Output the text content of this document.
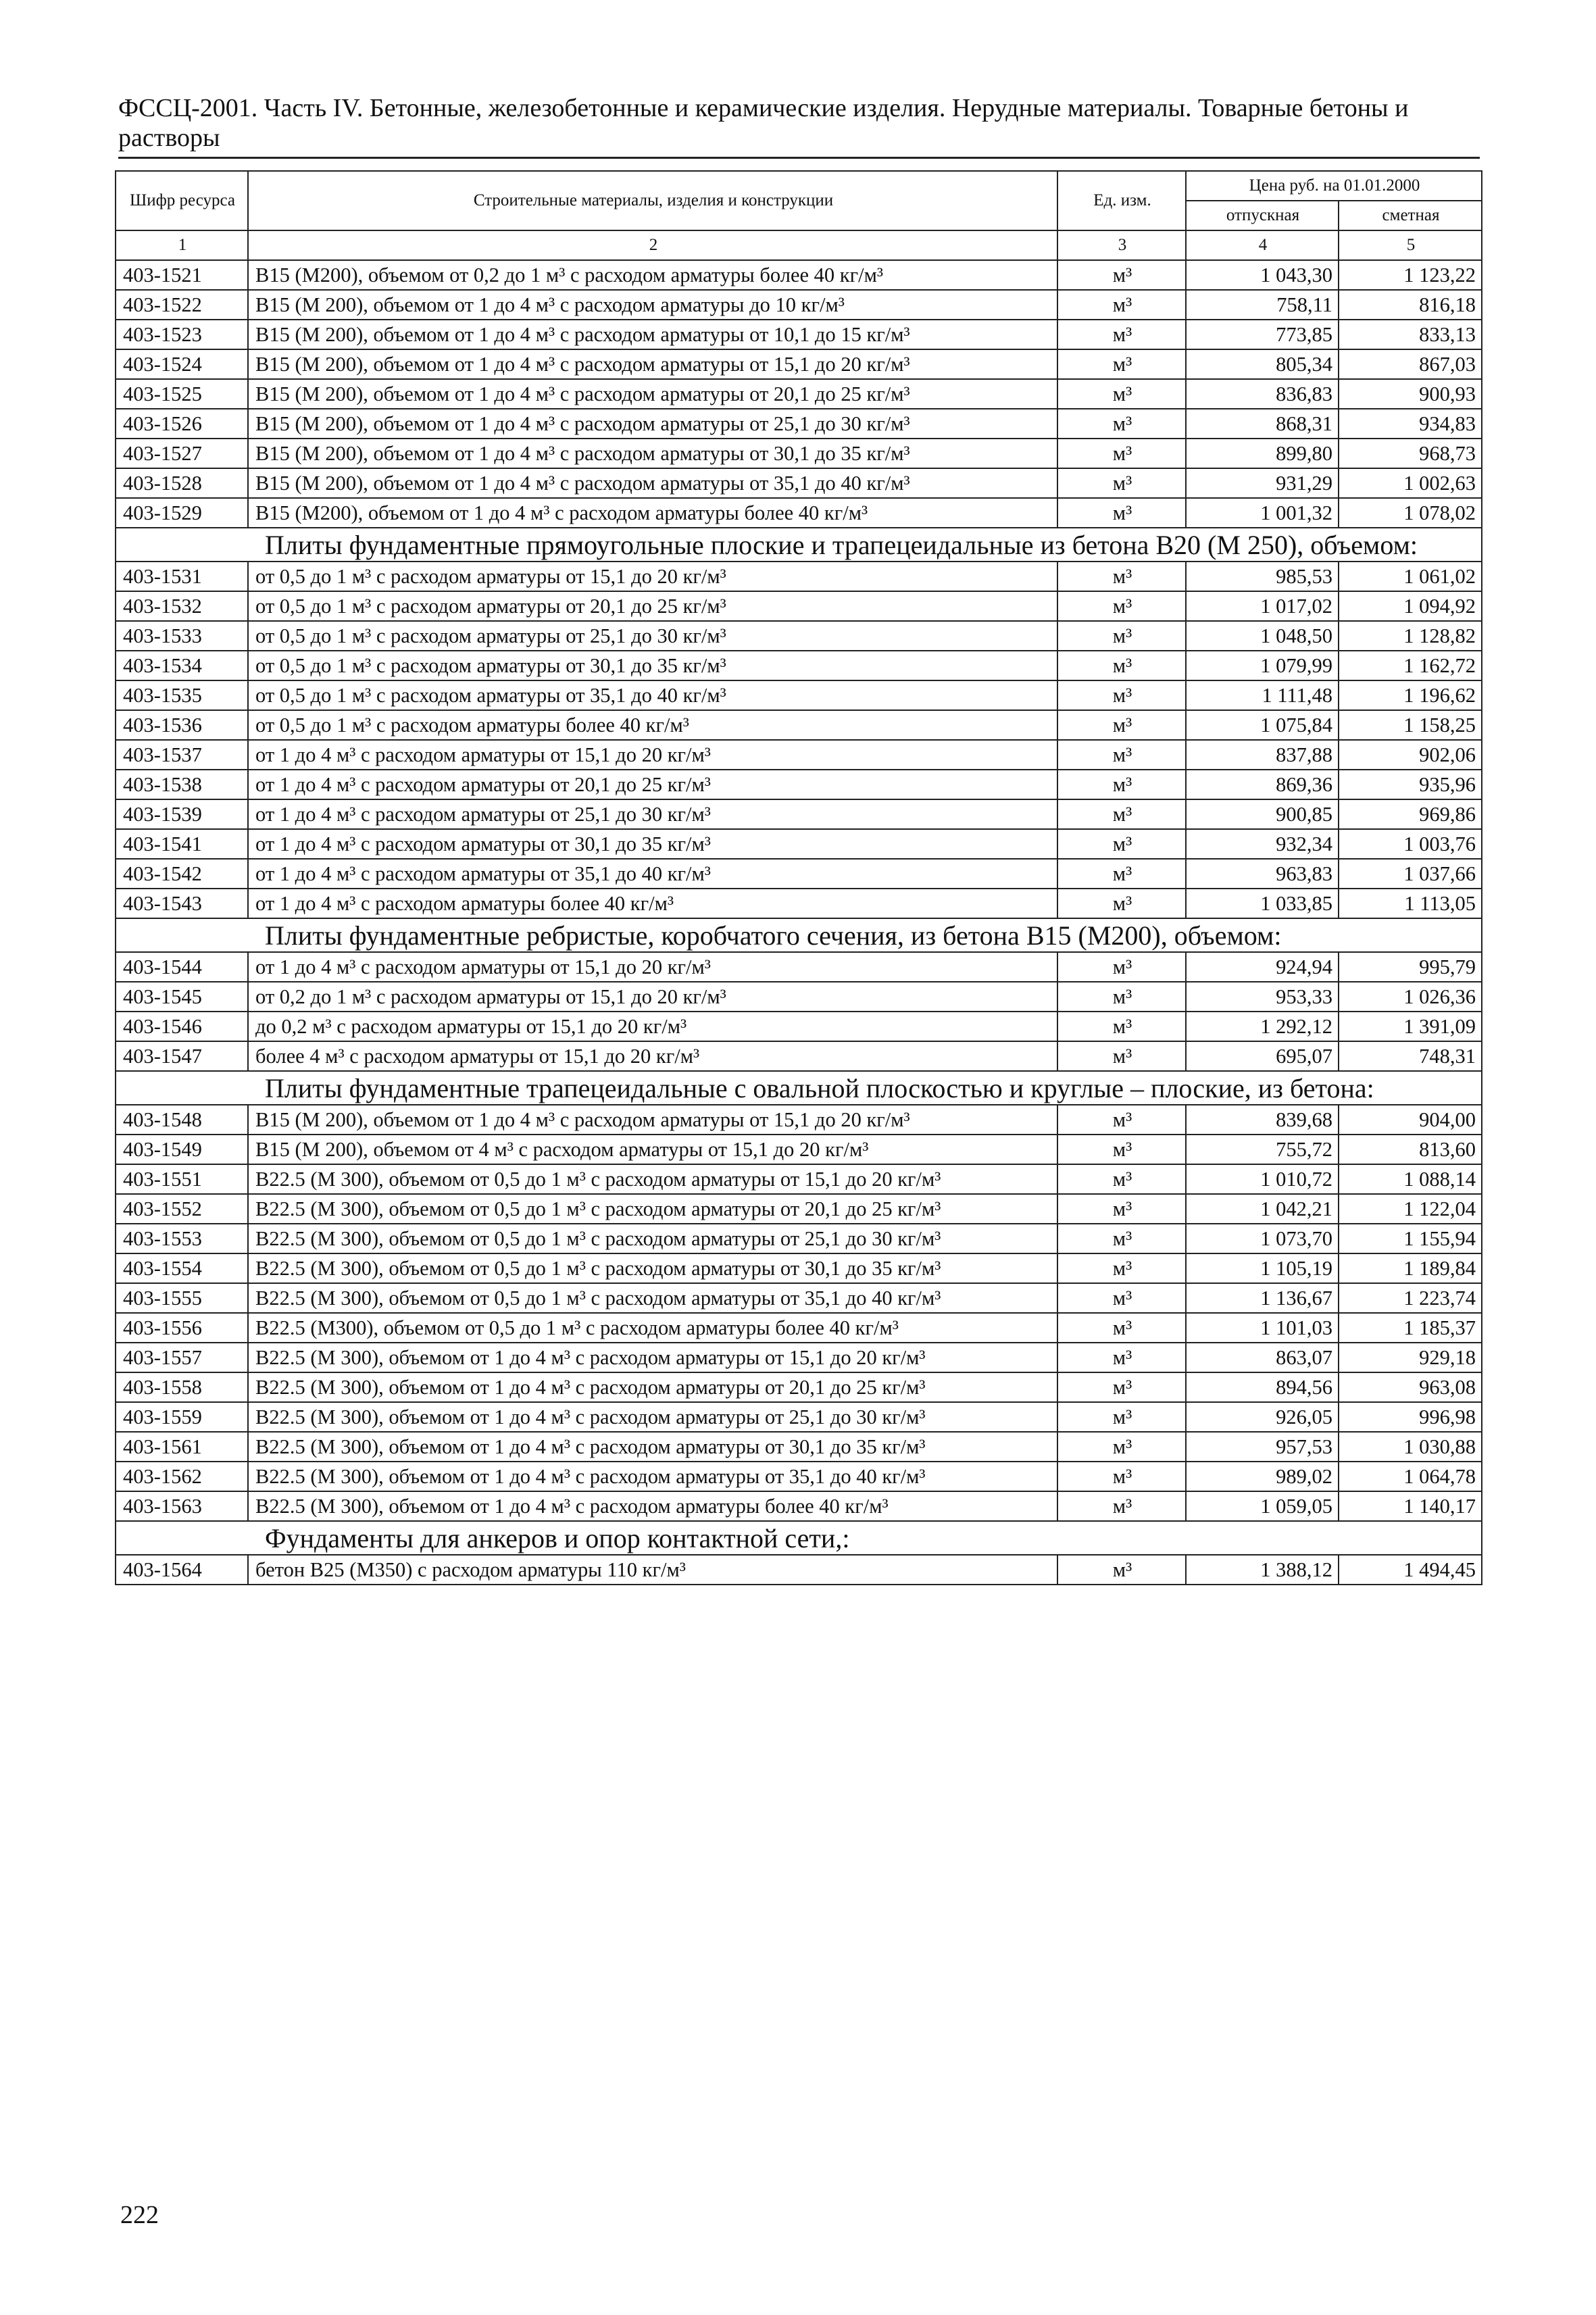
ФССЦ-2001. Часть IV. Бетонные, железобетонные и керамические изделия. Нерудные материалы. Товарные бетоны и растворы
Шифр ресурса	Строительные материалы, изделия и конструкции	Ед. изм.	Цена руб. на 01.01.2000	
			отпускная	сметная
1	2	3	4	5
403-1521	В15 (М200), объемом от 0,2 до 1 м³ с расходом арматуры более 40 кг/м³	м³	1 043,30	1 123,22
403-1522	В15 (М 200), объемом от 1 до 4 м³ с расходом арматуры до 10 кг/м³	м³	758,11	816,18
403-1523	В15 (М 200), объемом от 1 до 4 м³ с расходом арматуры от 10,1 до 15 кг/м³	м³	773,85	833,13
403-1524	В15 (М 200), объемом от 1 до 4 м³ с расходом арматуры от 15,1 до 20 кг/м³	м³	805,34	867,03
403-1525	В15 (М 200), объемом от 1 до 4 м³ с расходом арматуры от 20,1 до 25 кг/м³	м³	836,83	900,93
403-1526	В15 (М 200), объемом от 1 до 4 м³ с расходом арматуры от 25,1 до 30 кг/м³	м³	868,31	934,83
403-1527	В15 (М 200), объемом от 1 до 4 м³ с расходом арматуры от 30,1 до 35 кг/м³	м³	899,80	968,73
403-1528	В15 (М 200), объемом от 1 до 4 м³ с расходом арматуры от 35,1 до 40 кг/м³	м³	931,29	1 002,63
403-1529	В15 (М200), объемом от 1 до 4 м³ с расходом арматуры более 40 кг/м³	м³	1 001,32	1 078,02
Плиты фундаментные прямоугольные плоские и трапецеидальные из бетона В20 (М 250), объемом:				
403-1531	от 0,5 до 1 м³ с расходом арматуры от 15,1 до 20 кг/м³	м³	985,53	1 061,02
403-1532	от 0,5 до 1 м³ с расходом арматуры от 20,1 до 25 кг/м³	м³	1 017,02	1 094,92
403-1533	от 0,5 до 1 м³ с расходом арматуры от 25,1 до 30 кг/м³	м³	1 048,50	1 128,82
403-1534	от 0,5 до 1 м³ с расходом арматуры от 30,1 до 35 кг/м³	м³	1 079,99	1 162,72
403-1535	от 0,5 до 1 м³ с расходом арматуры от 35,1 до 40 кг/м³	м³	1 111,48	1 196,62
403-1536	от 0,5 до 1 м³ с расходом арматуры более 40 кг/м³	м³	1 075,84	1 158,25
403-1537	от 1 до 4 м³ с расходом арматуры от 15,1 до 20 кг/м³	м³	837,88	902,06
403-1538	от 1 до 4 м³ с расходом арматуры от 20,1 до 25 кг/м³	м³	869,36	935,96
403-1539	от 1 до 4 м³ с расходом арматуры от 25,1 до 30 кг/м³	м³	900,85	969,86
403-1541	от 1 до 4 м³ с расходом арматуры от 30,1 до 35 кг/м³	м³	932,34	1 003,76
403-1542	от 1 до 4 м³ с расходом арматуры от 35,1 до 40 кг/м³	м³	963,83	1 037,66
403-1543	от 1 до 4 м³ с расходом арматуры более 40 кг/м³	м³	1 033,85	1 113,05
Плиты фундаментные ребристые, коробчатого сечения, из бетона В15 (М200), объемом:				
403-1544	от 1 до 4 м³ с расходом арматуры от 15,1 до 20 кг/м³	м³	924,94	995,79
403-1545	от 0,2 до 1 м³ с расходом арматуры от 15,1 до 20 кг/м³	м³	953,33	1 026,36
403-1546	до 0,2 м³ с расходом арматуры от 15,1 до 20 кг/м³	м³	1 292,12	1 391,09
403-1547	более 4 м³ с расходом арматуры от 15,1 до 20 кг/м³	м³	695,07	748,31
Плиты фундаментные трапецеидальные с овальной плоскостью и круглые – плоские, из бетона:				
403-1548	В15 (М 200), объемом от 1 до 4 м³ с расходом арматуры от 15,1 до 20 кг/м³	м³	839,68	904,00
403-1549	В15 (М 200), объемом от 4 м³ с расходом арматуры от 15,1 до 20 кг/м³	м³	755,72	813,60
403-1551	В22.5 (М 300), объемом от 0,5 до 1 м³ с расходом арматуры от 15,1 до 20 кг/м³	м³	1 010,72	1 088,14
403-1552	В22.5 (М 300), объемом от 0,5 до 1 м³ с расходом арматуры от 20,1 до 25 кг/м³	м³	1 042,21	1 122,04
403-1553	В22.5 (М 300), объемом от 0,5 до 1 м³ с расходом арматуры от 25,1 до 30 кг/м³	м³	1 073,70	1 155,94
403-1554	В22.5 (М 300), объемом от 0,5 до 1 м³ с расходом арматуры от 30,1 до 35 кг/м³	м³	1 105,19	1 189,84
403-1555	В22.5 (М 300), объемом от 0,5 до 1 м³ с расходом арматуры от 35,1 до 40 кг/м³	м³	1 136,67	1 223,74
403-1556	В22.5 (М300), объемом от 0,5 до 1 м³ с расходом арматуры более 40 кг/м³	м³	1 101,03	1 185,37
403-1557	В22.5 (М 300), объемом от 1 до 4 м³ с расходом арматуры от 15,1 до 20 кг/м³	м³	863,07	929,18
403-1558	В22.5 (М 300), объемом от 1 до 4 м³ с расходом арматуры от 20,1 до 25 кг/м³	м³	894,56	963,08
403-1559	В22.5 (М 300), объемом от 1 до 4 м³ с расходом арматуры от 25,1 до 30 кг/м³	м³	926,05	996,98
403-1561	В22.5 (М 300), объемом от 1 до 4 м³ с расходом арматуры от 30,1 до 35 кг/м³	м³	957,53	1 030,88
403-1562	В22.5 (М 300), объемом от 1 до 4 м³ с расходом арматуры от 35,1 до 40 кг/м³	м³	989,02	1 064,78
403-1563	В22.5 (М 300), объемом от 1 до 4 м³ с расходом арматуры более 40 кг/м³	м³	1 059,05	1 140,17
Фундаменты для анкеров и опор контактной сети,:				
403-1564	бетон В25 (М350) с расходом арматуры 110 кг/м³	м³	1 388,12	1 494,45
222
